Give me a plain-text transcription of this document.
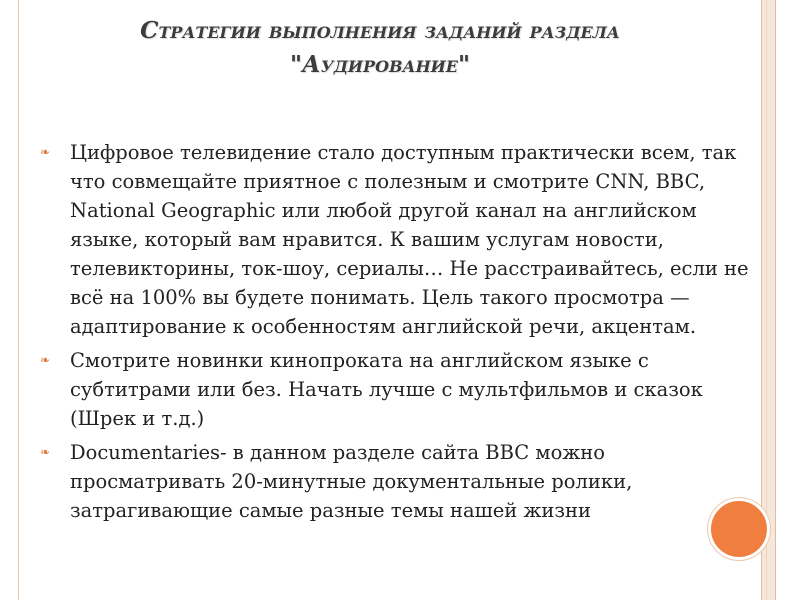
Стратегии выполнения заданий раздела
"Аудирование"
❧ Цифровое телевидение стало доступным практически всем, так что совмещайте приятное с полезным и смотрите CNN, BBC, National Geographic или любой другой канал на английском языке, который вам нравится. К вашим услугам новости, телевикторины, ток-шоу, сериалы… Не расстраивайтесь, если не всё на 100% вы будете понимать. Цель такого просмотра — адаптирование к особенностям английской речи, акцентам.
❧ Смотрите новинки кинопроката на английском языке с субтитрами или без. Начать лучше с мультфильмов и сказок (Шрек и т.д.)
❧ Documentaries- в данном разделе сайта BBC можно просматривать 20-минутные документальные ролики, затрагивающие самые разные темы нашей жизни
